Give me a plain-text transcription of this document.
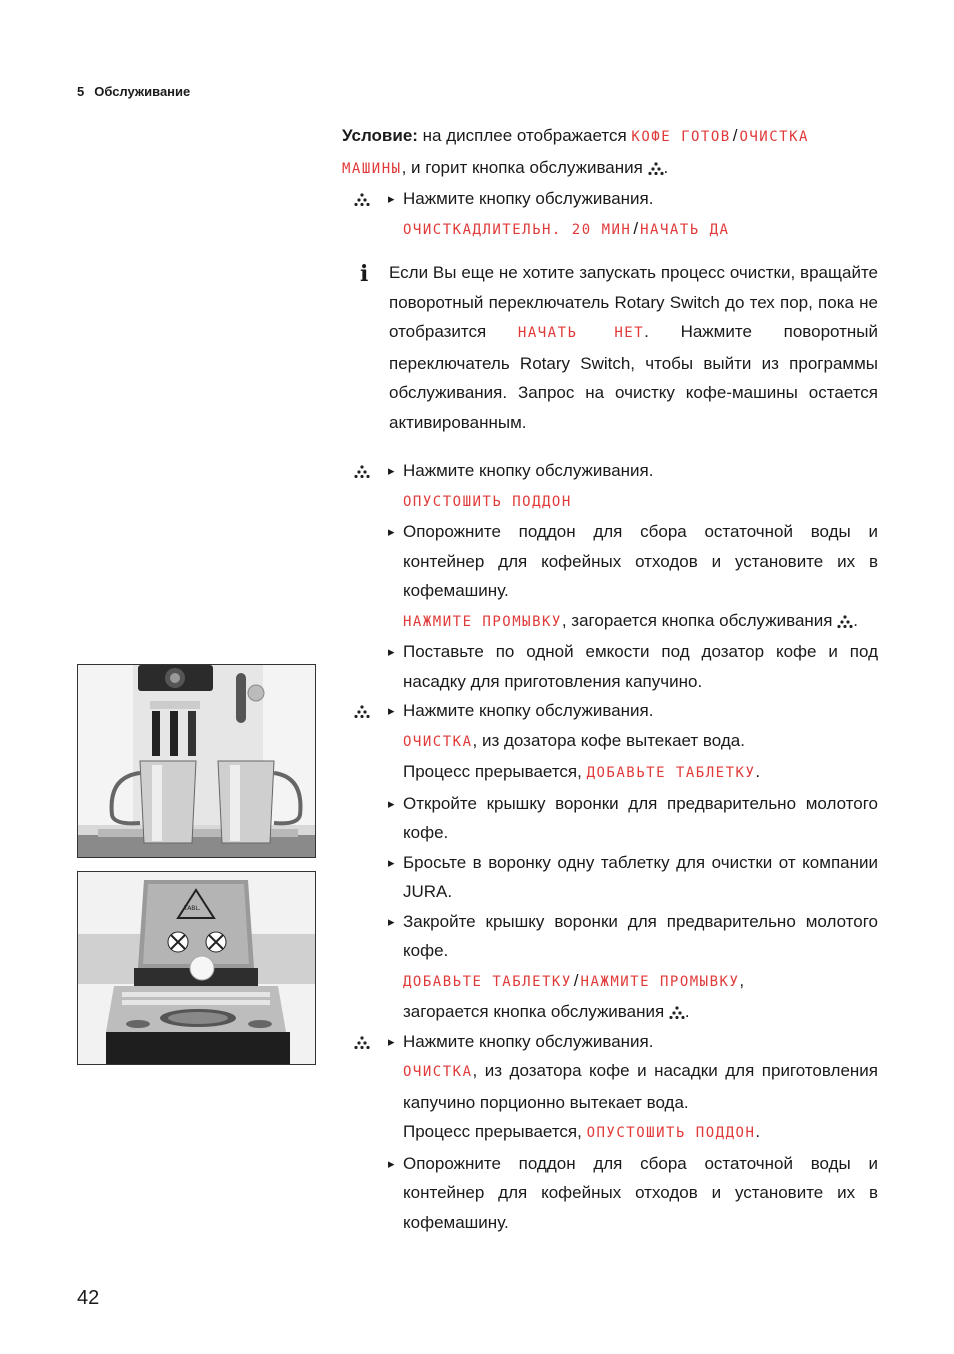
5 Обслуживание
TABL.

Условие: на дисплее отображается КОФЕ ГОТОВ / ОЧИСТКА МАШИНЫ, и горит кнопка обслуживания .

▸ Нажмите кнопку обслуживания.
ОЧИСТКАДЛИТЕЛЬН. 20 МИН / НАЧАТЬ ДА
i Если Вы еще не хотите запускать процесс очистки, вращайте поворотный переключатель Rotary Switch до тех пор, пока не отобразится НАЧАТЬ НЕТ. Нажмите поворотный переключатель Rotary Switch, чтобы выйти из программы обслуживания. Запрос на очистку кофе-машины остается активированным.
▸ Нажмите кнопку обслуживания.
ОПУСТОШИТЬ ПОДДОН
▸ Опорожните поддон для сбора остаточной воды и контейнер для кофейных отходов и установите их в кофемашину.
НАЖМИТЕ ПРОМЫВКУ, загорается кнопка обслуживания .
▸ Поставьте по одной емкости под дозатор кофе и под насадку для приготовления капучино.
▸ Нажмите кнопку обслуживания.
ОЧИСТКА, из дозатора кофе вытекает вода.
Процесс прерывается, ДОБАВЬТЕ ТАБЛЕТКУ.
▸ Откройте крышку воронки для предварительно молотого кофе.
▸ Бросьте в воронку одну таблетку для очистки от компании JURA.
▸ Закройте крышку воронки для предварительно молотого кофе.
ДОБАВЬТЕ ТАБЛЕТКУ / НАЖМИТЕ ПРОМЫВКУ,
загорается кнопка обслуживания .
▸ Нажмите кнопку обслуживания.
ОЧИСТКА, из дозатора кофе и насадки для приготовления капучино порционно вытекает вода.
Процесс прерывается, ОПУСТОШИТЬ ПОДДОН.
▸ Опорожните поддон для сбора остаточной воды и контейнер для кофейных отходов и установите их в кофемашину.
42
